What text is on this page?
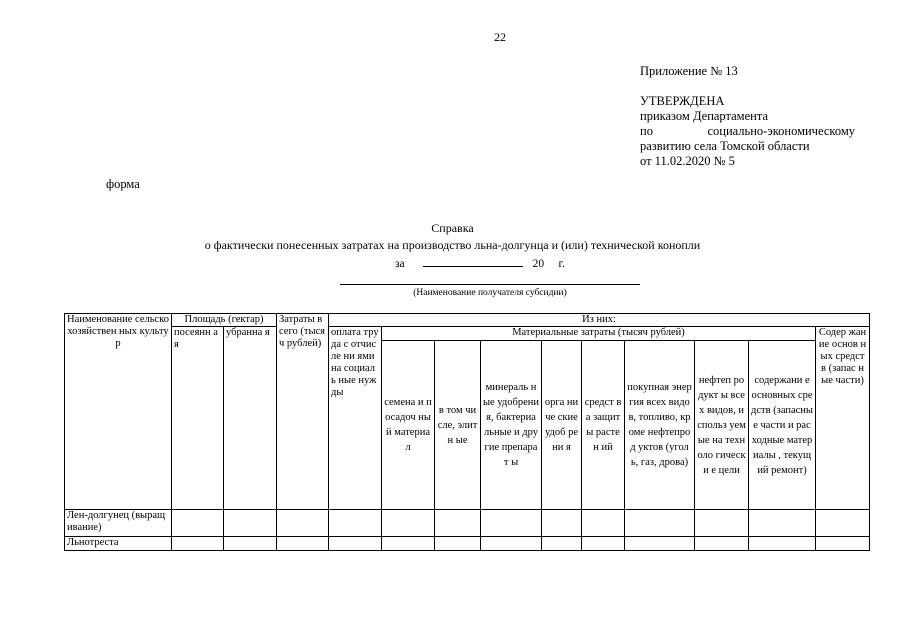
22
Приложение № 13
УТВЕРЖДЕНА
приказом Департамента
по	социально-экономическому
развитию села Томской области
от 11.02.2020 № 5
форма
Справка
о фактически понесенных затратах на производство льна-долгунца и (или) технической конопли
за	20 г.
(Наименование получателя субсидии)
Наименование сельскохозяйствен ных культур	Площадь (гектар)		Затраты всего (тысяч рублей)	Из них:									
	посеянн ая	убранна я		оплата труда с отчисле ни ями на социаль ные нужды	Материальные затраты (тысяч рублей)								Содер жание основ ных средст в (запас ные части)
					семена и посадоч ный материа л	в том числе, элитн ые	минераль ные удобрени я, бактериа льные и другие препарат ы	орга ниче ские удоб рени я	средст ва защит ы растен ий	покупная энергия всех видов, топливо, кроме нефтепрод уктов (уголь, газ, дрова)	нефтеп родукт ы всех видов, использ уемые на техноло гически е цели	содержани е основных средств (запасные части и расходные материалы , текущий ремонт)	
Лен-долгунец (выращивание)													
Льнотреста													
